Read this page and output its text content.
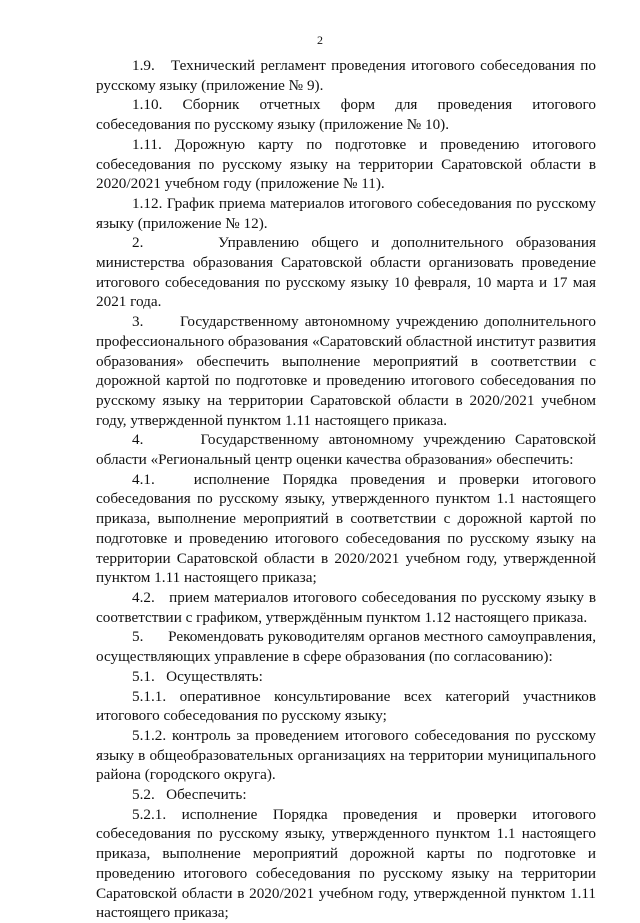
2

1.9.   Технический регламент проведения итогового собеседования по русскому языку (приложение № 9).

1.10. Сборник отчетных форм для проведения итогового собеседования по русскому языку (приложение № 10).

1.11. Дорожную карту по подготовке и проведению итогового собеседования по русскому языку на территории Саратовской области в 2020/2021 учебном году (приложение № 11).

1.12. График приема материалов итогового собеседования по русскому языку (приложение № 12).

2.      Управлению общего и дополнительного образования министерства образования Саратовской области организовать проведение итогового собеседования по русскому языку 10 февраля, 10 марта и 17 мая 2021 года.

3.      Государственному автономному учреждению дополнительного профессионального образования «Саратовский областной институт развития образования» обеспечить выполнение мероприятий в соответствии с дорожной картой по подготовке и проведению итогового собеседования по русскому языку на территории Саратовской области в 2020/2021 учебном году, утвержденной пунктом 1.11 настоящего приказа.

4.      Государственному автономному учреждению Саратовской области «Региональный центр оценки качества образования» обеспечить:

4.1.   исполнение Порядка проведения и проверки итогового собеседования по русскому языку, утвержденного пунктом 1.1 настоящего приказа, выполнение мероприятий в соответствии с дорожной картой по подготовке и проведению итогового собеседования по русскому языку на территории Саратовской области в 2020/2021 учебном году, утвержденной пунктом 1.11 настоящего приказа;

4.2.   прием материалов итогового собеседования по русскому языку в соответствии с графиком, утверждённым пунктом 1.12 настоящего приказа.

5.      Рекомендовать руководителям органов местного самоуправления, осуществляющих управление в сфере образования (по согласованию):

5.1.   Осуществлять:

5.1.1. оперативное консультирование всех категорий участников итогового собеседования по русскому языку;

5.1.2. контроль за проведением итогового собеседования по русскому языку в общеобразовательных организациях на территории муниципального района (городского округа).

5.2.   Обеспечить:

5.2.1. исполнение Порядка проведения и проверки итогового собеседования по русскому языку, утвержденного пунктом 1.1 настоящего приказа, выполнение мероприятий дорожной карты по подготовке и проведению итогового собеседования по русскому языку на территории Саратовской области в 2020/2021 учебном году, утвержденной пунктом 1.11 настоящего приказа;
